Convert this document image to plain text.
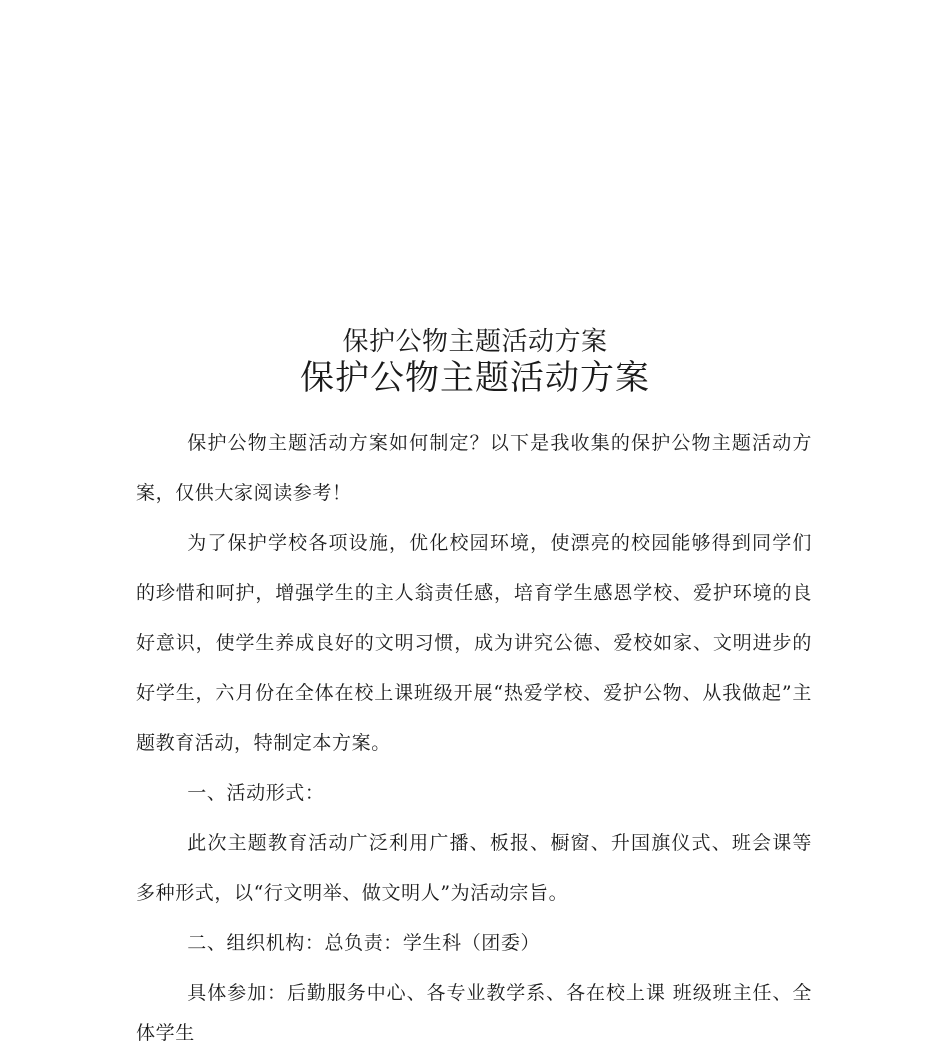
保护公物主题活动方案
保护公物主题活动方案

保护公物主题活动方案如何制定？以下是我收集的保护公物主题活动方案，仅供大家阅读参考！

为了保护学校各项设施，优化校园环境，使漂亮的校园能够得到同学们的珍惜和呵护，增强学生的主人翁责任感，培育学生感恩学校、爱护环境的良好意识，使学生养成良好的文明习惯，成为讲究公德、爱校如家、文明进步的好学生，六月份在全体在校上课班级开展“热爱学校、爱护公物、从我做起”主题教育活动，特制定本方案。

一、活动形式：

此次主题教育活动广泛利用广播、板报、橱窗、升国旗仪式、班会课等多种形式，以“行文明举、做文明人”为活动宗旨。

二、组织机构：总负责：学生科（团委）

具体参加：后勤服务中心、各专业教学系、各在校上课 班级班主任、全体学生
